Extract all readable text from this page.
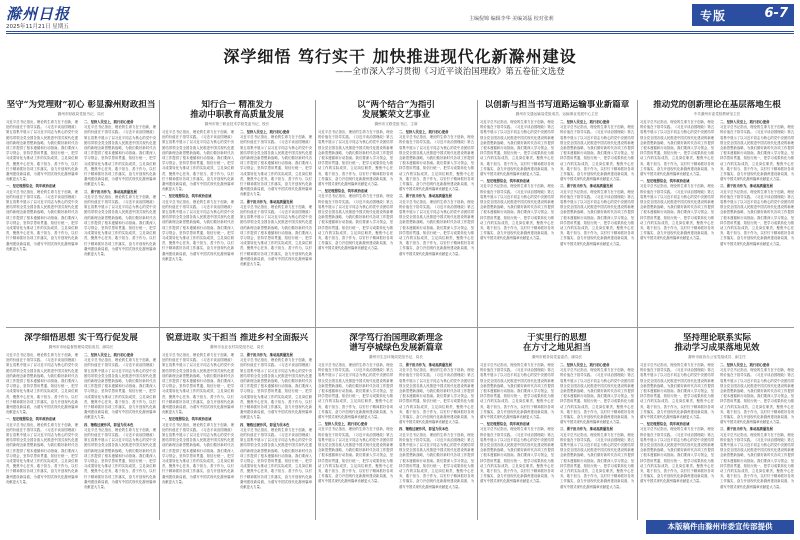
滁州日报
2025年11月21日 星期五
主编倪锦 编辑李华 美编刘磊 校对张莉	专版	6-7
深学细悟 笃行实干 加快推进现代化新滁州建设
——全市深入学习贯彻《习近平谈治国理政》第五卷征文选登
坚守“为党理财”初心 彰显滁州财政担当
滁州市财政局党组书记、局长

习近平总书记指出，理论的生命力在于创新，理论的价值在于指导实践。《习近平谈治国理政》第五卷集中展示了以习近平同志为核心的党中央团结带领全党全国各族人民推进中国式现代化建设的新理念新思想新战略，为我们做好新时代各项工作提供了根本遵循和行动指南。我们要深入学习领会，坚持学思用贯通、知信行统一，把学习成果转化为推动工作的实际成效，立足岗位职责，聚焦中心任务，敢于担当、善于作为，以钉钉子精神抓好各项工作落实，奋力开创现代化新滁州建设新局面，为谱写中国式现代化滁州篇章贡献更大力量。

一、坚定理想信念，筑牢政治忠诚

习近平总书记指出，理论的生命力在于创新，理论的价值在于指导实践。《习近平谈治国理政》第五卷集中展示了以习近平同志为核心的党中央团结带领全党全国各族人民推进中国式现代化建设的新理念新思想新战略，为我们做好新时代各项工作提供了根本遵循和行动指南。我们要深入学习领会，坚持学思用贯通、知信行统一，把学习成果转化为推动工作的实际成效，立足岗位职责，聚焦中心任务，敢于担当、善于作为，以钉钉子精神抓好各项工作落实，奋力开创现代化新滁州建设新局面，为谱写中国式现代化滁州篇章贡献更大力量。

二、坚持人民至上，践行初心使命

习近平总书记指出，理论的生命力在于创新，理论的价值在于指导实践。《习近平谈治国理政》第五卷集中展示了以习近平同志为核心的党中央团结带领全党全国各族人民推进中国式现代化建设的新理念新思想新战略，为我们做好新时代各项工作提供了根本遵循和行动指南。我们要深入学习领会，坚持学思用贯通、知信行统一，把学习成果转化为推动工作的实际成效，立足岗位职责，聚焦中心任务，敢于担当、善于作为，以钉钉子精神抓好各项工作落实，奋力开创现代化新滁州建设新局面，为谱写中国式现代化滁州篇章贡献更大力量。

三、勇于担当作为，推动高质量发展

习近平总书记指出，理论的生命力在于创新，理论的价值在于指导实践。《习近平谈治国理政》第五卷集中展示了以习近平同志为核心的党中央团结带领全党全国各族人民推进中国式现代化建设的新理念新思想新战略，为我们做好新时代各项工作提供了根本遵循和行动指南。我们要深入学习领会，坚持学思用贯通、知信行统一，把学习成果转化为推动工作的实际成效，立足岗位职责，聚焦中心任务，敢于担当、善于作为，以钉钉子精神抓好各项工作落实，奋力开创现代化新滁州建设新局面，为谱写中国式现代化滁州篇章贡献更大力量。

知行合一 精准发力
推动中职教育高质量发展
滁州市第三职业技术学校党委书记、校长

习近平总书记指出，理论的生命力在于创新，理论的价值在于指导实践。《习近平谈治国理政》第五卷集中展示了以习近平同志为核心的党中央团结带领全党全国各族人民推进中国式现代化建设的新理念新思想新战略，为我们做好新时代各项工作提供了根本遵循和行动指南。我们要深入学习领会，坚持学思用贯通、知信行统一，把学习成果转化为推动工作的实际成效，立足岗位职责，聚焦中心任务，敢于担当、善于作为，以钉钉子精神抓好各项工作落实，奋力开创现代化新滁州建设新局面，为谱写中国式现代化滁州篇章贡献更大力量。

一、坚定理想信念，筑牢政治忠诚

习近平总书记指出，理论的生命力在于创新，理论的价值在于指导实践。《习近平谈治国理政》第五卷集中展示了以习近平同志为核心的党中央团结带领全党全国各族人民推进中国式现代化建设的新理念新思想新战略，为我们做好新时代各项工作提供了根本遵循和行动指南。我们要深入学习领会，坚持学思用贯通、知信行统一，把学习成果转化为推动工作的实际成效，立足岗位职责，聚焦中心任务，敢于担当、善于作为，以钉钉子精神抓好各项工作落实，奋力开创现代化新滁州建设新局面，为谱写中国式现代化滁州篇章贡献更大力量。

二、坚持人民至上，践行初心使命

习近平总书记指出，理论的生命力在于创新，理论的价值在于指导实践。《习近平谈治国理政》第五卷集中展示了以习近平同志为核心的党中央团结带领全党全国各族人民推进中国式现代化建设的新理念新思想新战略，为我们做好新时代各项工作提供了根本遵循和行动指南。我们要深入学习领会，坚持学思用贯通、知信行统一，把学习成果转化为推动工作的实际成效，立足岗位职责，聚焦中心任务，敢于担当、善于作为，以钉钉子精神抓好各项工作落实，奋力开创现代化新滁州建设新局面，为谱写中国式现代化滁州篇章贡献更大力量。

三、勇于担当作为，推动高质量发展

习近平总书记指出，理论的生命力在于创新，理论的价值在于指导实践。《习近平谈治国理政》第五卷集中展示了以习近平同志为核心的党中央团结带领全党全国各族人民推进中国式现代化建设的新理念新思想新战略，为我们做好新时代各项工作提供了根本遵循和行动指南。我们要深入学习领会，坚持学思用贯通、知信行统一，把学习成果转化为推动工作的实际成效，立足岗位职责，聚焦中心任务，敢于担当、善于作为，以钉钉子精神抓好各项工作落实，奋力开创现代化新滁州建设新局面，为谱写中国式现代化滁州篇章贡献更大力量。

以“两个结合”为指引
发展繁荣文艺事业
滁州市文联党组书记、主席

习近平总书记指出，理论的生命力在于创新，理论的价值在于指导实践。《习近平谈治国理政》第五卷集中展示了以习近平同志为核心的党中央团结带领全党全国各族人民推进中国式现代化建设的新理念新思想新战略，为我们做好新时代各项工作提供了根本遵循和行动指南。我们要深入学习领会，坚持学思用贯通、知信行统一，把学习成果转化为推动工作的实际成效，立足岗位职责，聚焦中心任务，敢于担当、善于作为，以钉钉子精神抓好各项工作落实，奋力开创现代化新滁州建设新局面，为谱写中国式现代化滁州篇章贡献更大力量。

一、坚定理想信念，筑牢政治忠诚

习近平总书记指出，理论的生命力在于创新，理论的价值在于指导实践。《习近平谈治国理政》第五卷集中展示了以习近平同志为核心的党中央团结带领全党全国各族人民推进中国式现代化建设的新理念新思想新战略，为我们做好新时代各项工作提供了根本遵循和行动指南。我们要深入学习领会，坚持学思用贯通、知信行统一，把学习成果转化为推动工作的实际成效，立足岗位职责，聚焦中心任务，敢于担当、善于作为，以钉钉子精神抓好各项工作落实，奋力开创现代化新滁州建设新局面，为谱写中国式现代化滁州篇章贡献更大力量。

二、坚持人民至上，践行初心使命

习近平总书记指出，理论的生命力在于创新，理论的价值在于指导实践。《习近平谈治国理政》第五卷集中展示了以习近平同志为核心的党中央团结带领全党全国各族人民推进中国式现代化建设的新理念新思想新战略，为我们做好新时代各项工作提供了根本遵循和行动指南。我们要深入学习领会，坚持学思用贯通、知信行统一，把学习成果转化为推动工作的实际成效，立足岗位职责，聚焦中心任务，敢于担当、善于作为，以钉钉子精神抓好各项工作落实，奋力开创现代化新滁州建设新局面，为谱写中国式现代化滁州篇章贡献更大力量。

三、勇于担当作为，推动高质量发展

习近平总书记指出，理论的生命力在于创新，理论的价值在于指导实践。《习近平谈治国理政》第五卷集中展示了以习近平同志为核心的党中央团结带领全党全国各族人民推进中国式现代化建设的新理念新思想新战略，为我们做好新时代各项工作提供了根本遵循和行动指南。我们要深入学习领会，坚持学思用贯通、知信行统一，把学习成果转化为推动工作的实际成效，立足岗位职责，聚焦中心任务，敢于担当、善于作为，以钉钉子精神抓好各项工作落实，奋力开创现代化新滁州建设新局面，为谱写中国式现代化滁州篇章贡献更大力量。

以创新与担当书写道路运输事业新篇章
滁州市交通运输局党组成员、运输事业发展中心主任

习近平总书记指出，理论的生命力在于创新，理论的价值在于指导实践。《习近平谈治国理政》第五卷集中展示了以习近平同志为核心的党中央团结带领全党全国各族人民推进中国式现代化建设的新理念新思想新战略，为我们做好新时代各项工作提供了根本遵循和行动指南。我们要深入学习领会，坚持学思用贯通、知信行统一，把学习成果转化为推动工作的实际成效，立足岗位职责，聚焦中心任务，敢于担当、善于作为，以钉钉子精神抓好各项工作落实，奋力开创现代化新滁州建设新局面，为谱写中国式现代化滁州篇章贡献更大力量。

一、坚定理想信念，筑牢政治忠诚

习近平总书记指出，理论的生命力在于创新，理论的价值在于指导实践。《习近平谈治国理政》第五卷集中展示了以习近平同志为核心的党中央团结带领全党全国各族人民推进中国式现代化建设的新理念新思想新战略，为我们做好新时代各项工作提供了根本遵循和行动指南。我们要深入学习领会，坚持学思用贯通、知信行统一，把学习成果转化为推动工作的实际成效，立足岗位职责，聚焦中心任务，敢于担当、善于作为，以钉钉子精神抓好各项工作落实，奋力开创现代化新滁州建设新局面，为谱写中国式现代化滁州篇章贡献更大力量。

二、坚持人民至上，践行初心使命

习近平总书记指出，理论的生命力在于创新，理论的价值在于指导实践。《习近平谈治国理政》第五卷集中展示了以习近平同志为核心的党中央团结带领全党全国各族人民推进中国式现代化建设的新理念新思想新战略，为我们做好新时代各项工作提供了根本遵循和行动指南。我们要深入学习领会，坚持学思用贯通、知信行统一，把学习成果转化为推动工作的实际成效，立足岗位职责，聚焦中心任务，敢于担当、善于作为，以钉钉子精神抓好各项工作落实，奋力开创现代化新滁州建设新局面，为谱写中国式现代化滁州篇章贡献更大力量。

三、勇于担当作为，推动高质量发展

习近平总书记指出，理论的生命力在于创新，理论的价值在于指导实践。《习近平谈治国理政》第五卷集中展示了以习近平同志为核心的党中央团结带领全党全国各族人民推进中国式现代化建设的新理念新思想新战略，为我们做好新时代各项工作提供了根本遵循和行动指南。我们要深入学习领会，坚持学思用贯通、知信行统一，把学习成果转化为推动工作的实际成效，立足岗位职责，聚焦中心任务，敢于担当、善于作为，以钉钉子精神抓好各项工作落实，奋力开创现代化新滁州建设新局面，为谱写中国式现代化滁州篇章贡献更大力量。

推动党的创新理论在基层落地生根
中共滁州市委党校教研室主任

习近平总书记指出，理论的生命力在于创新，理论的价值在于指导实践。《习近平谈治国理政》第五卷集中展示了以习近平同志为核心的党中央团结带领全党全国各族人民推进中国式现代化建设的新理念新思想新战略，为我们做好新时代各项工作提供了根本遵循和行动指南。我们要深入学习领会，坚持学思用贯通、知信行统一，把学习成果转化为推动工作的实际成效，立足岗位职责，聚焦中心任务，敢于担当、善于作为，以钉钉子精神抓好各项工作落实，奋力开创现代化新滁州建设新局面，为谱写中国式现代化滁州篇章贡献更大力量。

一、坚定理想信念，筑牢政治忠诚

习近平总书记指出，理论的生命力在于创新，理论的价值在于指导实践。《习近平谈治国理政》第五卷集中展示了以习近平同志为核心的党中央团结带领全党全国各族人民推进中国式现代化建设的新理念新思想新战略，为我们做好新时代各项工作提供了根本遵循和行动指南。我们要深入学习领会，坚持学思用贯通、知信行统一，把学习成果转化为推动工作的实际成效，立足岗位职责，聚焦中心任务，敢于担当、善于作为，以钉钉子精神抓好各项工作落实，奋力开创现代化新滁州建设新局面，为谱写中国式现代化滁州篇章贡献更大力量。

二、坚持人民至上，践行初心使命

习近平总书记指出，理论的生命力在于创新，理论的价值在于指导实践。《习近平谈治国理政》第五卷集中展示了以习近平同志为核心的党中央团结带领全党全国各族人民推进中国式现代化建设的新理念新思想新战略，为我们做好新时代各项工作提供了根本遵循和行动指南。我们要深入学习领会，坚持学思用贯通、知信行统一，把学习成果转化为推动工作的实际成效，立足岗位职责，聚焦中心任务，敢于担当、善于作为，以钉钉子精神抓好各项工作落实，奋力开创现代化新滁州建设新局面，为谱写中国式现代化滁州篇章贡献更大力量。

三、勇于担当作为，推动高质量发展

习近平总书记指出，理论的生命力在于创新，理论的价值在于指导实践。《习近平谈治国理政》第五卷集中展示了以习近平同志为核心的党中央团结带领全党全国各族人民推进中国式现代化建设的新理念新思想新战略，为我们做好新时代各项工作提供了根本遵循和行动指南。我们要深入学习领会，坚持学思用贯通、知信行统一，把学习成果转化为推动工作的实际成效，立足岗位职责，聚焦中心任务，敢于担当、善于作为，以钉钉子精神抓好各项工作落实，奋力开创现代化新滁州建设新局面，为谱写中国式现代化滁州篇章贡献更大力量。

深学细悟思想 实干笃行促发展
滁州市市场监督管理局党组成员、副局长

习近平总书记指出，理论的生命力在于创新，理论的价值在于指导实践。《习近平谈治国理政》第五卷集中展示了以习近平同志为核心的党中央团结带领全党全国各族人民推进中国式现代化建设的新理念新思想新战略，为我们做好新时代各项工作提供了根本遵循和行动指南。我们要深入学习领会，坚持学思用贯通、知信行统一，把学习成果转化为推动工作的实际成效，立足岗位职责，聚焦中心任务，敢于担当、善于作为，以钉钉子精神抓好各项工作落实，奋力开创现代化新滁州建设新局面，为谱写中国式现代化滁州篇章贡献更大力量。

一、坚定理想信念，筑牢政治忠诚

习近平总书记指出，理论的生命力在于创新，理论的价值在于指导实践。《习近平谈治国理政》第五卷集中展示了以习近平同志为核心的党中央团结带领全党全国各族人民推进中国式现代化建设的新理念新思想新战略，为我们做好新时代各项工作提供了根本遵循和行动指南。我们要深入学习领会，坚持学思用贯通、知信行统一，把学习成果转化为推动工作的实际成效，立足岗位职责，聚焦中心任务，敢于担当、善于作为，以钉钉子精神抓好各项工作落实，奋力开创现代化新滁州建设新局面，为谱写中国式现代化滁州篇章贡献更大力量。

二、坚持人民至上，践行初心使命

习近平总书记指出，理论的生命力在于创新，理论的价值在于指导实践。《习近平谈治国理政》第五卷集中展示了以习近平同志为核心的党中央团结带领全党全国各族人民推进中国式现代化建设的新理念新思想新战略，为我们做好新时代各项工作提供了根本遵循和行动指南。我们要深入学习领会，坚持学思用贯通、知信行统一，把学习成果转化为推动工作的实际成效，立足岗位职责，聚焦中心任务，敢于担当、善于作为，以钉钉子精神抓好各项工作落实，奋力开创现代化新滁州建设新局面，为谱写中国式现代化滁州篇章贡献更大力量。

四、锤炼过硬作风，彰显为民本色

习近平总书记指出，理论的生命力在于创新，理论的价值在于指导实践。《习近平谈治国理政》第五卷集中展示了以习近平同志为核心的党中央团结带领全党全国各族人民推进中国式现代化建设的新理念新思想新战略，为我们做好新时代各项工作提供了根本遵循和行动指南。我们要深入学习领会，坚持学思用贯通、知信行统一，把学习成果转化为推动工作的实际成效，立足岗位职责，聚焦中心任务，敢于担当、善于作为，以钉钉子精神抓好各项工作落实，奋力开创现代化新滁州建设新局面，为谱写中国式现代化滁州篇章贡献更大力量。

锐意进取 实干担当 推进乡村全面振兴
滁州市农业农村局党组书记、局长

习近平总书记指出，理论的生命力在于创新，理论的价值在于指导实践。《习近平谈治国理政》第五卷集中展示了以习近平同志为核心的党中央团结带领全党全国各族人民推进中国式现代化建设的新理念新思想新战略，为我们做好新时代各项工作提供了根本遵循和行动指南。我们要深入学习领会，坚持学思用贯通、知信行统一，把学习成果转化为推动工作的实际成效，立足岗位职责，聚焦中心任务，敢于担当、善于作为，以钉钉子精神抓好各项工作落实，奋力开创现代化新滁州建设新局面，为谱写中国式现代化滁州篇章贡献更大力量。

一、坚定理想信念，筑牢政治忠诚

习近平总书记指出，理论的生命力在于创新，理论的价值在于指导实践。《习近平谈治国理政》第五卷集中展示了以习近平同志为核心的党中央团结带领全党全国各族人民推进中国式现代化建设的新理念新思想新战略，为我们做好新时代各项工作提供了根本遵循和行动指南。我们要深入学习领会，坚持学思用贯通、知信行统一，把学习成果转化为推动工作的实际成效，立足岗位职责，聚焦中心任务，敢于担当、善于作为，以钉钉子精神抓好各项工作落实，奋力开创现代化新滁州建设新局面，为谱写中国式现代化滁州篇章贡献更大力量。

三、勇于担当作为，推动高质量发展

习近平总书记指出，理论的生命力在于创新，理论的价值在于指导实践。《习近平谈治国理政》第五卷集中展示了以习近平同志为核心的党中央团结带领全党全国各族人民推进中国式现代化建设的新理念新思想新战略，为我们做好新时代各项工作提供了根本遵循和行动指南。我们要深入学习领会，坚持学思用贯通、知信行统一，把学习成果转化为推动工作的实际成效，立足岗位职责，聚焦中心任务，敢于担当、善于作为，以钉钉子精神抓好各项工作落实，奋力开创现代化新滁州建设新局面，为谱写中国式现代化滁州篇章贡献更大力量。

四、锤炼过硬作风，彰显为民本色

习近平总书记指出，理论的生命力在于创新，理论的价值在于指导实践。《习近平谈治国理政》第五卷集中展示了以习近平同志为核心的党中央团结带领全党全国各族人民推进中国式现代化建设的新理念新思想新战略，为我们做好新时代各项工作提供了根本遵循和行动指南。我们要深入学习领会，坚持学思用贯通、知信行统一，把学习成果转化为推动工作的实际成效，立足岗位职责，聚焦中心任务，敢于担当、善于作为，以钉钉子精神抓好各项工作落实，奋力开创现代化新滁州建设新局面，为谱写中国式现代化滁州篇章贡献更大力量。

深学笃行治国理政新理念
谱写亭城绿色发展新篇章
滁州市生态环境局党组书记、局长

习近平总书记指出，理论的生命力在于创新，理论的价值在于指导实践。《习近平谈治国理政》第五卷集中展示了以习近平同志为核心的党中央团结带领全党全国各族人民推进中国式现代化建设的新理念新思想新战略，为我们做好新时代各项工作提供了根本遵循和行动指南。我们要深入学习领会，坚持学思用贯通、知信行统一，把学习成果转化为推动工作的实际成效，立足岗位职责，聚焦中心任务，敢于担当、善于作为，以钉钉子精神抓好各项工作落实，奋力开创现代化新滁州建设新局面，为谱写中国式现代化滁州篇章贡献更大力量。

二、坚持人民至上，践行初心使命

习近平总书记指出，理论的生命力在于创新，理论的价值在于指导实践。《习近平谈治国理政》第五卷集中展示了以习近平同志为核心的党中央团结带领全党全国各族人民推进中国式现代化建设的新理念新思想新战略，为我们做好新时代各项工作提供了根本遵循和行动指南。我们要深入学习领会，坚持学思用贯通、知信行统一，把学习成果转化为推动工作的实际成效，立足岗位职责，聚焦中心任务，敢于担当、善于作为，以钉钉子精神抓好各项工作落实，奋力开创现代化新滁州建设新局面，为谱写中国式现代化滁州篇章贡献更大力量。

三、勇于担当作为，推动高质量发展

习近平总书记指出，理论的生命力在于创新，理论的价值在于指导实践。《习近平谈治国理政》第五卷集中展示了以习近平同志为核心的党中央团结带领全党全国各族人民推进中国式现代化建设的新理念新思想新战略，为我们做好新时代各项工作提供了根本遵循和行动指南。我们要深入学习领会，坚持学思用贯通、知信行统一，把学习成果转化为推动工作的实际成效，立足岗位职责，聚焦中心任务，敢于担当、善于作为，以钉钉子精神抓好各项工作落实，奋力开创现代化新滁州建设新局面，为谱写中国式现代化滁州篇章贡献更大力量。

四、锤炼过硬作风，彰显为民本色

习近平总书记指出，理论的生命力在于创新，理论的价值在于指导实践。《习近平谈治国理政》第五卷集中展示了以习近平同志为核心的党中央团结带领全党全国各族人民推进中国式现代化建设的新理念新思想新战略，为我们做好新时代各项工作提供了根本遵循和行动指南。我们要深入学习领会，坚持学思用贯通、知信行统一，把学习成果转化为推动工作的实际成效，立足岗位职责，聚焦中心任务，敢于担当、善于作为，以钉钉子精神抓好各项工作落实，奋力开创现代化新滁州建设新局面，为谱写中国式现代化滁州篇章贡献更大力量。

于实里行的思想
在方寸之地见担当
滁州市税务局党委委员、副局长

习近平总书记指出，理论的生命力在于创新，理论的价值在于指导实践。《习近平谈治国理政》第五卷集中展示了以习近平同志为核心的党中央团结带领全党全国各族人民推进中国式现代化建设的新理念新思想新战略，为我们做好新时代各项工作提供了根本遵循和行动指南。我们要深入学习领会，坚持学思用贯通、知信行统一，把学习成果转化为推动工作的实际成效，立足岗位职责，聚焦中心任务，敢于担当、善于作为，以钉钉子精神抓好各项工作落实，奋力开创现代化新滁州建设新局面，为谱写中国式现代化滁州篇章贡献更大力量。

一、坚定理想信念，筑牢政治忠诚

习近平总书记指出，理论的生命力在于创新，理论的价值在于指导实践。《习近平谈治国理政》第五卷集中展示了以习近平同志为核心的党中央团结带领全党全国各族人民推进中国式现代化建设的新理念新思想新战略，为我们做好新时代各项工作提供了根本遵循和行动指南。我们要深入学习领会，坚持学思用贯通、知信行统一，把学习成果转化为推动工作的实际成效，立足岗位职责，聚焦中心任务，敢于担当、善于作为，以钉钉子精神抓好各项工作落实，奋力开创现代化新滁州建设新局面，为谱写中国式现代化滁州篇章贡献更大力量。

二、坚持人民至上，践行初心使命

习近平总书记指出，理论的生命力在于创新，理论的价值在于指导实践。《习近平谈治国理政》第五卷集中展示了以习近平同志为核心的党中央团结带领全党全国各族人民推进中国式现代化建设的新理念新思想新战略，为我们做好新时代各项工作提供了根本遵循和行动指南。我们要深入学习领会，坚持学思用贯通、知信行统一，把学习成果转化为推动工作的实际成效，立足岗位职责，聚焦中心任务，敢于担当、善于作为，以钉钉子精神抓好各项工作落实，奋力开创现代化新滁州建设新局面，为谱写中国式现代化滁州篇章贡献更大力量。

三、勇于担当作为，推动高质量发展

习近平总书记指出，理论的生命力在于创新，理论的价值在于指导实践。《习近平谈治国理政》第五卷集中展示了以习近平同志为核心的党中央团结带领全党全国各族人民推进中国式现代化建设的新理念新思想新战略，为我们做好新时代各项工作提供了根本遵循和行动指南。我们要深入学习领会，坚持学思用贯通、知信行统一，把学习成果转化为推动工作的实际成效，立足岗位职责，聚焦中心任务，敢于担当、善于作为，以钉钉子精神抓好各项工作落实，奋力开创现代化新滁州建设新局面，为谱写中国式现代化滁州篇章贡献更大力量。

坚持理论联系实际
推动学习成果落地见效
滁州市政协办公室党组成员、副主任

习近平总书记指出，理论的生命力在于创新，理论的价值在于指导实践。《习近平谈治国理政》第五卷集中展示了以习近平同志为核心的党中央团结带领全党全国各族人民推进中国式现代化建设的新理念新思想新战略，为我们做好新时代各项工作提供了根本遵循和行动指南。我们要深入学习领会，坚持学思用贯通、知信行统一，把学习成果转化为推动工作的实际成效，立足岗位职责，聚焦中心任务，敢于担当、善于作为，以钉钉子精神抓好各项工作落实，奋力开创现代化新滁州建设新局面，为谱写中国式现代化滁州篇章贡献更大力量。

一、坚定理想信念，筑牢政治忠诚

习近平总书记指出，理论的生命力在于创新，理论的价值在于指导实践。《习近平谈治国理政》第五卷集中展示了以习近平同志为核心的党中央团结带领全党全国各族人民推进中国式现代化建设的新理念新思想新战略，为我们做好新时代各项工作提供了根本遵循和行动指南。我们要深入学习领会，坚持学思用贯通、知信行统一，把学习成果转化为推动工作的实际成效，立足岗位职责，聚焦中心任务，敢于担当、善于作为，以钉钉子精神抓好各项工作落实，奋力开创现代化新滁州建设新局面，为谱写中国式现代化滁州篇章贡献更大力量。

二、坚持人民至上，践行初心使命

习近平总书记指出，理论的生命力在于创新，理论的价值在于指导实践。《习近平谈治国理政》第五卷集中展示了以习近平同志为核心的党中央团结带领全党全国各族人民推进中国式现代化建设的新理念新思想新战略，为我们做好新时代各项工作提供了根本遵循和行动指南。我们要深入学习领会，坚持学思用贯通、知信行统一，把学习成果转化为推动工作的实际成效，立足岗位职责，聚焦中心任务，敢于担当、善于作为，以钉钉子精神抓好各项工作落实，奋力开创现代化新滁州建设新局面，为谱写中国式现代化滁州篇章贡献更大力量。

三、勇于担当作为，推动高质量发展

习近平总书记指出，理论的生命力在于创新，理论的价值在于指导实践。《习近平谈治国理政》第五卷集中展示了以习近平同志为核心的党中央团结带领全党全国各族人民推进中国式现代化建设的新理念新思想新战略，为我们做好新时代各项工作提供了根本遵循和行动指南。我们要深入学习领会，坚持学思用贯通、知信行统一，把学习成果转化为推动工作的实际成效，立足岗位职责，聚焦中心任务，敢于担当、善于作为，以钉钉子精神抓好各项工作落实，奋力开创现代化新滁州建设新局面，为谱写中国式现代化滁州篇章贡献更大力量。

本版稿件由滁州市委宣传部提供
